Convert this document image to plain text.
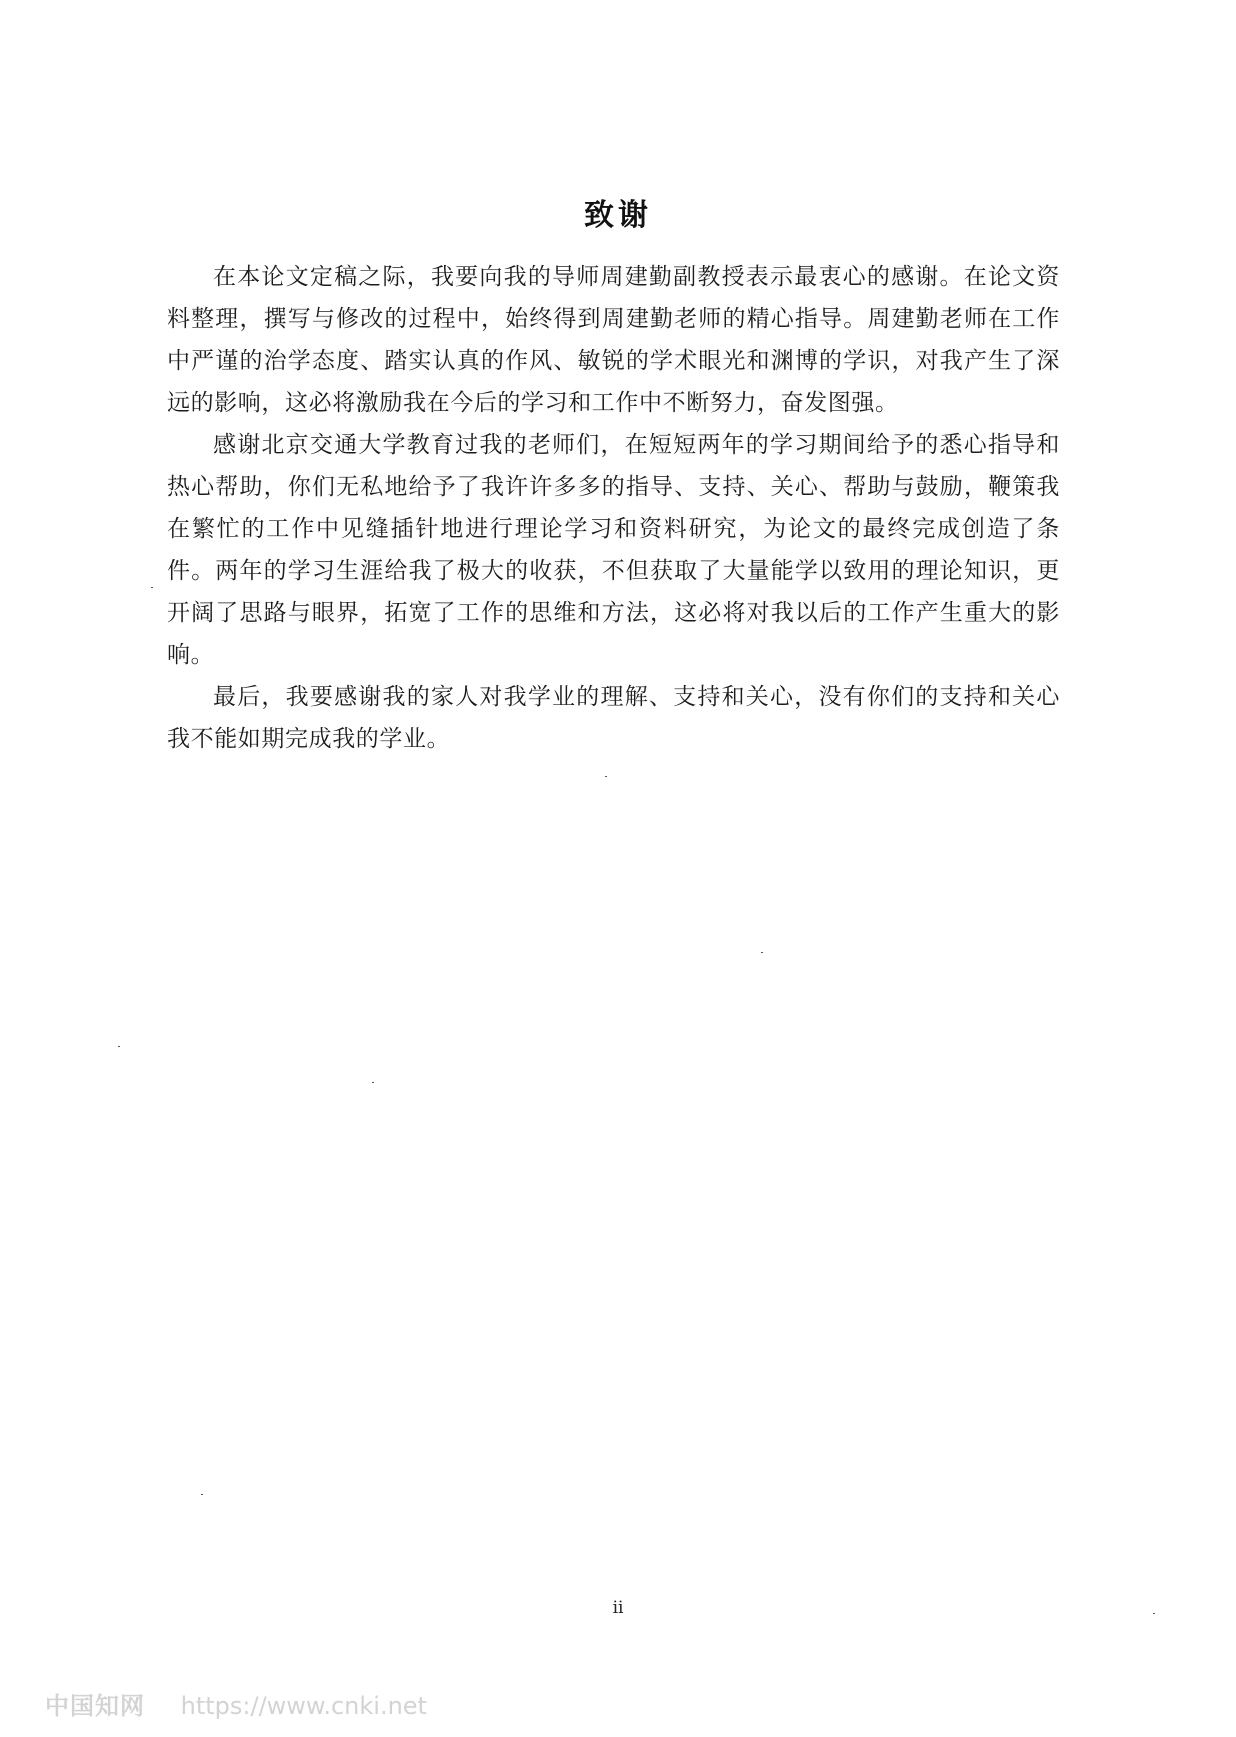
致谢

在本论文定稿之际，我要向我的导师周建勤副教授表示最衷心的感谢。在论文资料整理，撰写与修改的过程中，始终得到周建勤老师的精心指导。周建勤老师在工作中严谨的治学态度、踏实认真的作风、敏锐的学术眼光和渊博的学识，对我产生了深远的影响，这必将激励我在今后的学习和工作中不断努力，奋发图强。

感谢北京交通大学教育过我的老师们，在短短两年的学习期间给予的悉心指导和热心帮助，你们无私地给予了我许许多多的指导、支持、关心、帮助与鼓励，鞭策我在繁忙的工作中见缝插针地进行理论学习和资料研究，为论文的最终完成创造了条件。两年的学习生涯给我了极大的收获，不但获取了大量能学以致用的理论知识，更开阔了思路与眼界，拓宽了工作的思维和方法，这必将对我以后的工作产生重大的影响。

最后，我要感谢我的家人对我学业的理解、支持和关心，没有你们的支持和关心我不能如期完成我的学业。

ii
中国知网 https://www.cnki.net
